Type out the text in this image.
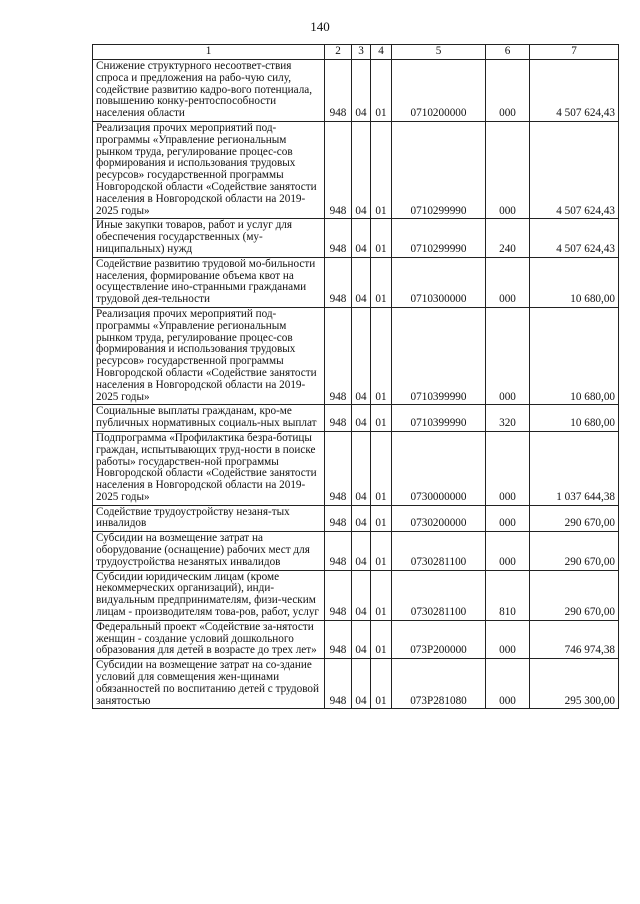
140
1	2	3	4	5	6	7
Снижение структурного несоответ-ствия спроса и предложения на рабо-чую силу, содействие развитию кадро-вого потенциала, повышению конку-рентоспособности населения области	948	04	01	0710200000	000	4 507 624,43
Реализация прочих мероприятий под-программы «Управление региональным рынком труда, регулирование процес-сов формирования и использования трудовых ресурсов» государственной программы Новгородской области «Содействие занятости населения в Новгородской области на 2019-2025 годы»	948	04	01	0710299990	000	4 507 624,43
Иные закупки товаров, работ и услуг для обеспечения государственных (му-ниципальных) нужд	948	04	01	0710299990	240	4 507 624,43
Содействие развитию трудовой мо-бильности населения, формирование объема квот на осуществление ино-странными гражданами трудовой дея-тельности	948	04	01	0710300000	000	10 680,00
Реализация прочих мероприятий под-программы «Управление региональным рынком труда, регулирование процес-сов формирования и использования трудовых ресурсов» государственной программы Новгородской области «Содействие занятости населения в Новгородской области на 2019-2025 годы»	948	04	01	0710399990	000	10 680,00
Социальные выплаты гражданам, кро-ме публичных нормативных социаль-ных выплат	948	04	01	0710399990	320	10 680,00
Подпрограмма «Профилактика безра-ботицы граждан, испытывающих труд-ности в поиске работы» государствен-ной программы Новгородской области «Содействие занятости населения в Новгородской области на 2019-2025 годы»	948	04	01	0730000000	000	1 037 644,38
Содействие трудоустройству незаня-тых инвалидов	948	04	01	0730200000	000	290 670,00
Субсидии на возмещение затрат на оборудование (оснащение) рабочих мест для трудоустройства незанятых инвалидов	948	04	01	0730281100	000	290 670,00
Субсидии юридическим лицам (кроме некоммерческих организаций), инди-видуальным предпринимателям, физи-ческим лицам - производителям това-ров, работ, услуг	948	04	01	0730281100	810	290 670,00
Федеральный проект «Содействие за-нятости женщин - создание условий дошкольного образования для детей в возрасте до трех лет»	948	04	01	073P200000	000	746 974,38
Субсидии на возмещение затрат на со-здание условий для совмещения жен-щинами обязанностей по воспитанию детей с трудовой занятостью	948	04	01	073P281080	000	295 300,00
